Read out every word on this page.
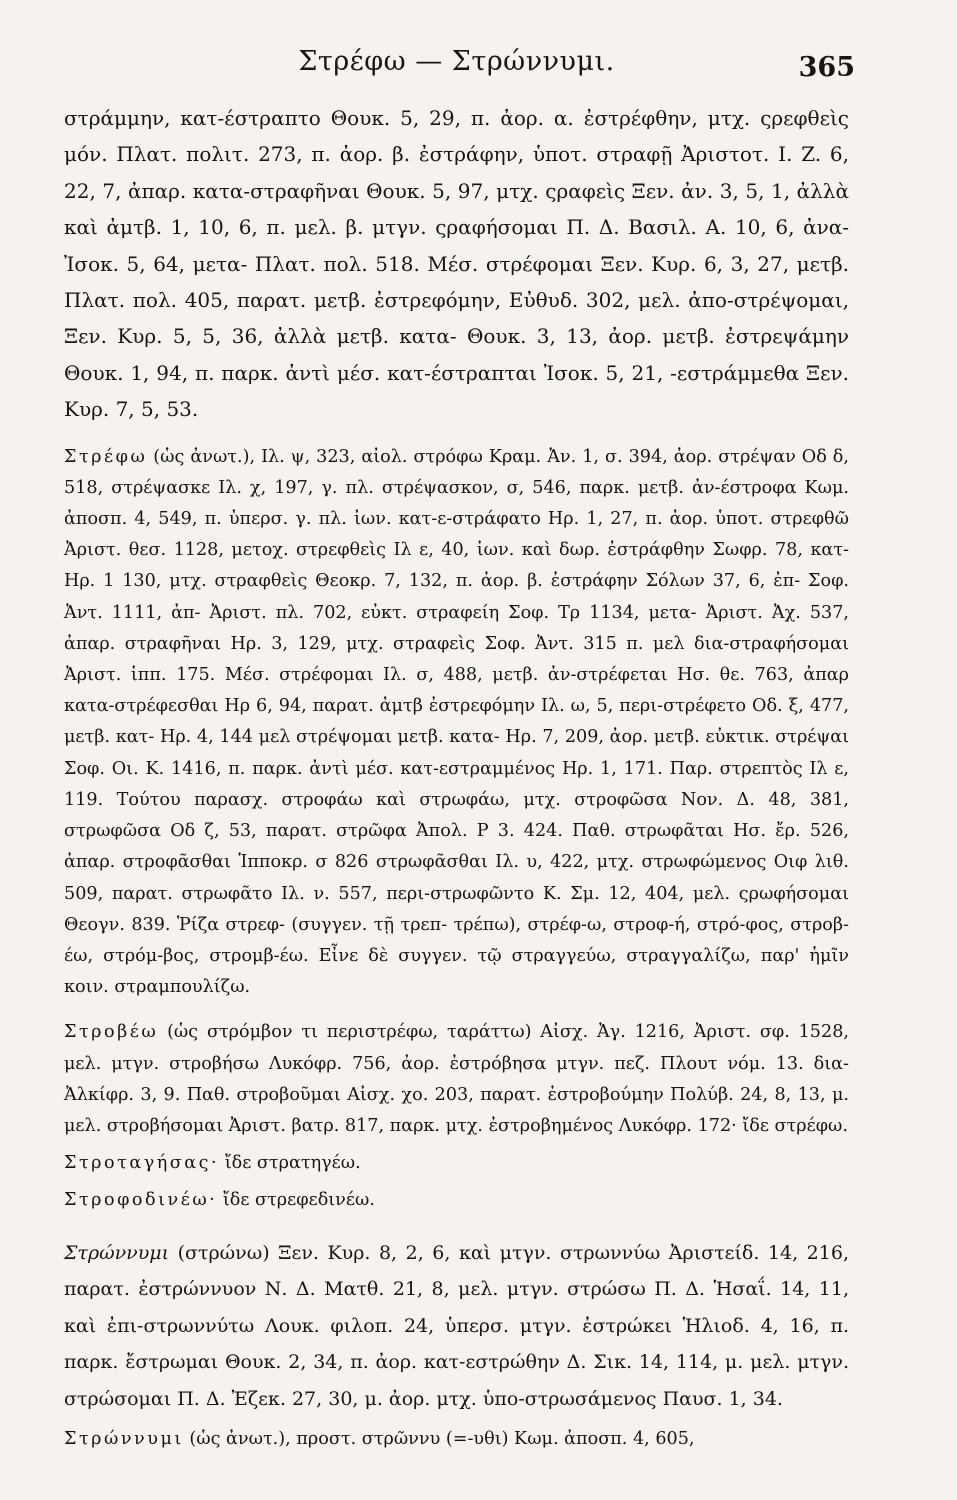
Στρέφω — Στρώννυμι.	365

στράμμην, κατ-έστραπτο Θουκ. 5, 29, π. ἀορ. α. ἐστρέφθην, μτχ. ςρεφθεὶς μόν. Πλατ. πολιτ. 273, π. ἀορ. β. ἐστράφην, ὑποτ. στραφῇ Ἀριστοτ. I. Z. 6, 22, 7, ἀπαρ. κατα-στραφῆναι Θουκ. 5, 97, μτχ. ςραφεὶς Ξεν. ἀν. 3, 5, 1, ἀλλὰ καὶ ἀμτβ. 1, 10, 6, π. μελ. β. μτγν. ςραφήσομαι Π. Δ. Βασιλ. Α. 10, 6, ἀνα- Ἰσοκ. 5, 64, μετα- Πλατ. πολ. 518. Μέσ. στρέφομαι Ξεν. Κυρ. 6, 3, 27, μετβ. Πλατ. πολ. 405, παρατ. μετβ. ἐστρεφόμην, Εὐθυδ. 302, μελ. ἀπο-στρέψομαι, Ξεν. Κυρ. 5, 5, 36, ἀλλὰ μετβ. κατα- Θουκ. 3, 13, ἀορ. μετβ. ἐστρεψάμην Θουκ. 1, 94, π. παρκ. ἀντὶ μέσ. κατ-έστραπται Ἰσοκ. 5, 21, -εστράμμεθα Ξεν. Κυρ. 7, 5, 53.

Στρέφω (ὡς ἀνωτ.), Ιλ. ψ, 323, αἰολ. στρόφω Κραμ. Ἀν. 1, σ. 394, ἀορ. στρέψαν Οδ δ, 518, στρέψασκε Ιλ. χ, 197, γ. πλ. στρέψασκον, σ, 546, παρκ. μετβ. ἀν-έστροφα Κωμ. ἀποσπ. 4, 549, π. ὑπερσ. γ. πλ. ἰων. κατ-ε-στράφατο Ηρ. 1, 27, π. ἀορ. ὑποτ. στρεφθῶ Ἀριστ. θεσ. 1128, μετοχ. στρεφθεὶς Ιλ ε, 40, ἰων. καὶ δωρ. ἐστράφθην Σωφρ. 78, κατ- Ηρ. 1 130, μτχ. στραφθεὶς Θεοκρ. 7, 132, π. ἀορ. β. ἐστράφην Σόλων 37, 6, ἐπ- Σοφ. Ἀντ. 1111, ἀπ- Ἀριστ. πλ. 702, εὐκτ. στραφείη Σοφ. Τρ 1134, μετα- Ἀριστ. Ἀχ. 537, ἀπαρ. στραφῆναι Ηρ. 3, 129, μτχ. στραφεὶς Σοφ. Ἀντ. 315 π. μελ δια-στραφήσομαι Ἀριστ. ἱππ. 175. Μέσ. στρέφομαι Ιλ. σ, 488, μετβ. ἀν-στρέφεται Ησ. θε. 763, ἀπαρ κατα-στρέφεσθαι Ηρ 6, 94, παρατ. ἀμτβ ἐστρεφόμην Ιλ. ω, 5, περι-στρέφετο Οδ. ξ, 477, μετβ. κατ- Ηρ. 4, 144 μελ στρέψομαι μετβ. κατα- Ηρ. 7, 209, ἀορ. μετβ. εὐκτικ. στρέψαι Σοφ. Οι. Κ. 1416, π. παρκ. ἀντὶ μέσ. κατ-εστραμμένος Ηρ. 1, 171. Παρ. στρεπτὸς Ιλ ε, 119. Τούτου παρασχ. στροφάω καὶ στρωφάω, μτχ. στροφῶσα Νον. Δ. 48, 381, στρωφῶσα Οδ ζ, 53, παρατ. στρῶφα Ἀπολ. Ρ 3. 424. Παθ. στρωφᾶται Ησ. ἔρ. 526, ἀπαρ. στροφᾶσθαι Ἱπποκρ. σ 826 στρωφᾶσθαι Ιλ. υ, 422, μτχ. στρωφώμενος Οιφ λιθ. 509, παρατ. στρωφᾶτο Ιλ. ν. 557, περι-στρωφῶντο Κ. Σμ. 12, 404, μελ. ςρωφήσομαι Θεογν. 839. Ῥίζα στρεφ- (συγγεν. τῇ τρεπ- τρέπω), στρέφ-ω, στροφ-ή, στρό-φος, στροβ-έω, στρόμ-βος, στρομβ-έω. Εἶνε δὲ συγγεν. τῷ στραγγεύω, στραγγαλίζω, παρ' ἡμῖν κοιν. στραμπουλίζω.

Στροβέω (ὡς στρόμβον τι περιστρέφω, ταράττω) Αἰσχ. Ἀγ. 1216, Ἀριστ. σφ. 1528, μελ. μτγν. στροβήσω Λυκόφρ. 756, ἀορ. ἐστρόβησα μτγν. πεζ. Πλουτ νόμ. 13. δια- Ἀλκίφρ. 3, 9. Παθ. στροβοῦμαι Αἰσχ. χο. 203, παρατ. ἐστροβούμην Πολύβ. 24, 8, 13, μ. μελ. στροβήσομαι Ἀριστ. βατρ. 817, παρκ. μτχ. ἐστροβημένος Λυκόφρ. 172· ἴδε στρέφω.

Στροταγήσας· ἴδε στρατηγέω.

Στροφοδινέω· ἴδε στρεφεδινέω.

Στρώννυμι (στρώνω) Ξεν. Κυρ. 8, 2, 6, καὶ μτγν. στρωννύω Ἀριστείδ. 14, 216, παρατ. ἐστρώννυον Ν. Δ. Ματθ. 21, 8, μελ. μτγν. στρώσω Π. Δ. Ἡσαΐ. 14, 11, καὶ ἐπι-στρωννύτω Λουκ. φιλοπ. 24, ὑπερσ. μτγν. ἐστρώκει Ἡλιοδ. 4, 16, π. παρκ. ἔστρωμαι Θουκ. 2, 34, π. ἀορ. κατ-εστρώθην Δ. Σικ. 14, 114, μ. μελ. μτγν. στρώσομαι Π. Δ. Ἐζεκ. 27, 30, μ. ἀορ. μτχ. ὑπο-στρωσάμενος Παυσ. 1, 34.

Στρώννυμι (ὡς ἀνωτ.), προστ. στρῶννυ (=-υθι) Κωμ. ἀποσπ. 4, 605,
